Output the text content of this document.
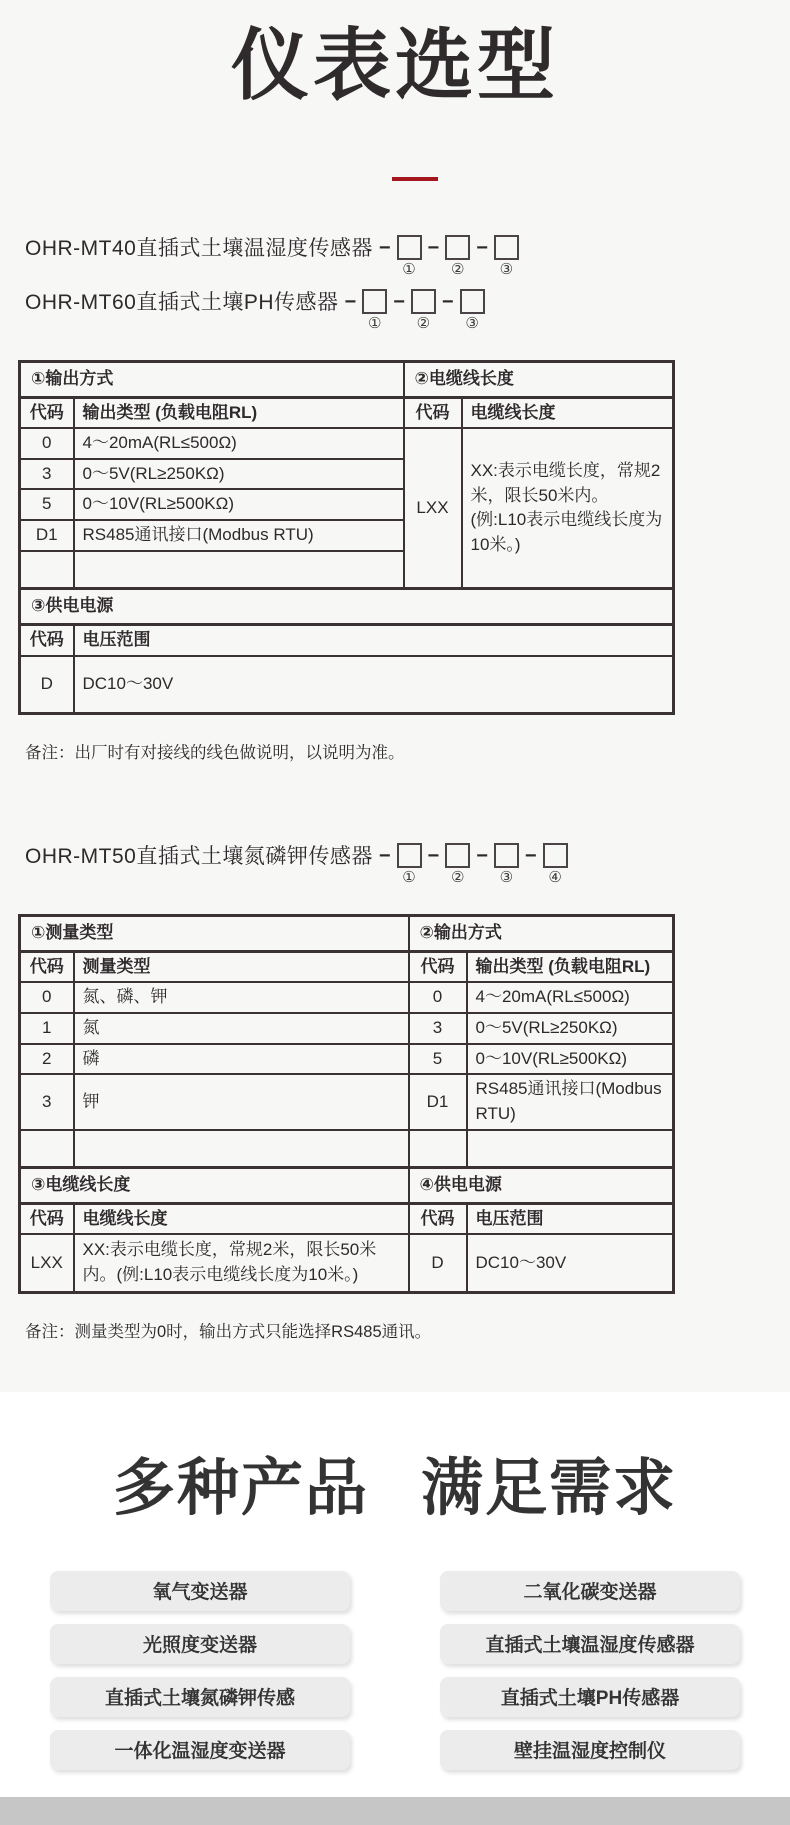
仪表选型
OHR-MT40直插式土壤温湿度传感器 −
①
−
②
−
③
OHR-MT60直插式土壤PH传感器 −
①
−
②
−
③
①输出方式		②电缆线长度	
代码	输出类型 (负载电阻RL)	代码	电缆线长度
0	4～20mA(RL≤500Ω)	LXX	XX:表示电缆长度，常规2米，限长50米内。(例:L10表示电缆线长度为10米。)
3	0～5V(RL≥250KΩ)		
5	0～10V(RL≥500KΩ)		
D1	RS485通讯接口(Modbus RTU)		

③供电电源			
代码	电压范围		
D	DC10～30V		
备注：出厂时有对接线的线色做说明，以说明为准。
OHR-MT50直插式土壤氮磷钾传感器 −
①
−
②
−
③
−
④
①测量类型		②输出方式	
代码	测量类型	代码	输出类型 (负载电阻RL)
0	氮、磷、钾	0	4～20mA(RL≤500Ω)
1	氮	3	0～5V(RL≥250KΩ)
2	磷	5	0～10V(RL≥500KΩ)
3	钾	D1	RS485通讯接口(Modbus RTU)

③电缆线长度		④供电电源	
代码	电缆线长度	代码	电压范围
LXX	XX:表示电缆长度，常规2米，限长50米内。(例:L10表示电缆线长度为10米。)	D	DC10～30V
备注：测量类型为0时，输出方式只能选择RS485通讯。
多种产品 满足需求
氧气变送器	二氧化碳变送器
光照度变送器	直插式土壤温湿度传感器
直插式土壤氮磷钾传感	直插式土壤PH传感器
一体化温湿度变送器	壁挂温湿度控制仪
